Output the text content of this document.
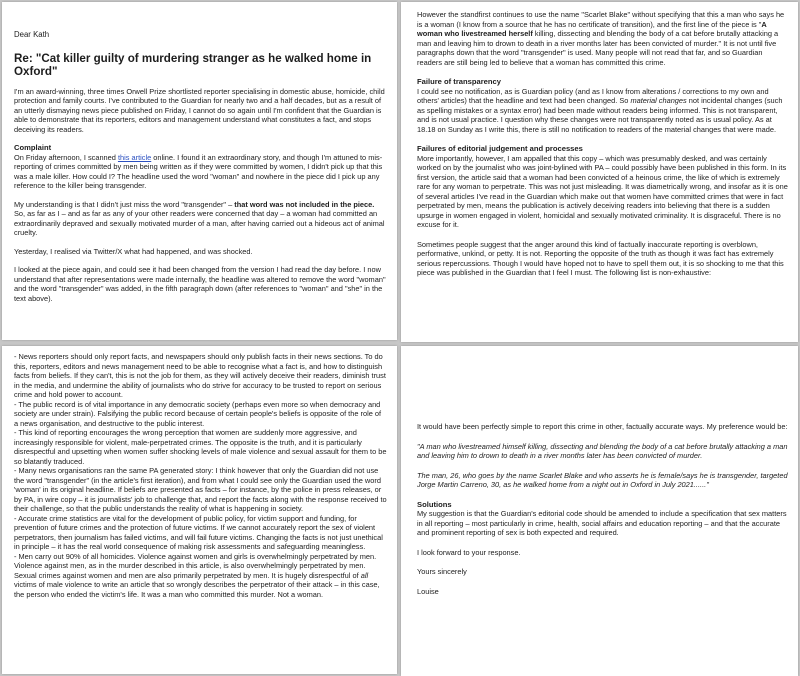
Dear Kath

Re: "Cat killer guilty of murdering stranger as he walked home in Oxford"

I'm an award-winning, three times Orwell Prize shortlisted reporter specialising in domestic abuse, homicide, child protection and family courts. I've contributed to the Guardian for nearly two and a half decades, but as a result of an utterly dismaying news piece published on Friday, I cannot do so again until I'm confident that the Guardian is able to demonstrate that its reporters, editors and management understand what constitutes a fact, and stops deceiving its readers.

Complaint

On Friday afternoon, I scanned this article online. I found it an extraordinary story, and though I'm attuned to mis-reporting of crimes committed by men being written as if they were committed by women, I didn't pick up that this was a male killer. How could I? The headline used the word "woman" and nowhere in the piece did I pick up any reference to the killer being transgender.

My understanding is that I didn't just miss the word "transgender" – that word was not included in the piece. So, as far as I – and as far as any of your other readers were concerned that day – a woman had committed an extraordinarily depraved and sexually motivated murder of a man, after having carried out a hideous act of animal cruelty.

Yesterday, I realised via Twitter/X what had happened, and was shocked.

I looked at the piece again, and could see it had been changed from the version I had read the day before. I now understand that after representations were made internally, the headline was altered to remove the word "woman" and the word "transgender" was added, in the fifth paragraph down (after references to "woman" and "she" in the text above).

However the standfirst continues to use the name "Scarlet Blake" without specifying that this a man who says he is a woman (I know from a source that he has no certificate of transition), and the first line of the piece is "A woman who livestreamed herself killing, dissecting and blending the body of a cat before brutally attacking a man and leaving him to drown to death in a river months later has been convicted of murder." It is not until five paragraphs down that the word "transgender" is used. Many people will not read that far, and so Guardian readers are still being led to believe that a woman has committed this crime.

Failure of transparency

I could see no notification, as is Guardian policy (and as I know from alterations / corrections to my own and others' articles) that the headline and text had been changed. So material changes not incidental changes (such as spelling mistakes or a syntax error) had been made without readers being informed. This is not transparent, and is not usual practice. I question why these changes were not transparently noted as is usual policy. As at 18.18 on Sunday as I write this, there is still no notification to readers of the material changes that were made.

Failures of editorial judgement and processes

More importantly, however, I am appalled that this copy – which was presumably desked, and was certainly worked on by the journalist who was joint-bylined with PA – could possibly have been published in this form. In its first version, the article said that a woman had been convicted of a heinous crime, the like of which is extremely rare for any woman to perpetrate. This was not just misleading. It was diametrically wrong, and insofar as it is one of several articles I've read in the Guardian which make out that women have committed crimes that were in fact perpetrated by men, means the publication is actively deceiving readers into believing that there is a sudden upsurge in women engaged in violent, homicidal and sexually motivated criminality. It is disgraceful. There is no excuse for it.

Sometimes people suggest that the anger around this kind of factually inaccurate reporting is overblown, performative, unkind, or petty. It is not. Reporting the opposite of the truth as though it was fact has extremely serious repercussions. Though I would have hoped not to have to spell them out, it is so shocking to me that this piece was published in the Guardian that I feel I must. The following list is non-exhaustive:

- News reporters should only report facts, and newspapers should only publish facts in their news sections. To do this, reporters, editors and news management need to be able to recognise what a fact is, and how to distinguish facts from beliefs. If they can't, this is not the job for them, as they will actively deceive their readers, diminish trust in the media, and undermine the ability of journalists who do strive for accuracy to be trusted to report on serious crime and hold power to account.

- The public record is of vital importance in any democratic society (perhaps even more so when democracy and society are under strain). Falsifying the public record because of certain people's beliefs is opposite of the role of a news organisation, and destructive to the public interest.

- This kind of reporting encourages the wrong perception that women are suddenly more aggressive, and increasingly responsible for violent, male-perpetrated crimes. The opposite is the truth, and it is particularly disrespectful and upsetting when women suffer shocking levels of male violence and sexual assault for them to be so blatantly traduced.

- Many news organisations ran the same PA generated story: I think however that only the Guardian did not use the word "transgender" (in the article's first iteration), and from what I could see only the Guardian used the word 'woman' in its original headline. If beliefs are presented as facts – for instance, by the police in press releases, or by PA, in wire copy – it is journalists' job to challenge that, and report the facts along with the response received to their challenge, so that the public understands the reality of what is happening in society.

- Accurate crime statistics are vital for the development of public policy, for victim support and funding, for prevention of future crimes and the protection of future victims. If we cannot accurately report the sex of violent perpetrators, then journalism has failed victims, and will fail future victims. Changing the facts is not just unethical in principle – it has the real world consequence of making risk assessments and safeguarding meaningless.

- Men carry out 90% of all homicides. Violence against women and girls is overwhelmingly perpetrated by men. Violence against men, as in the murder described in this article, is also overwhelmingly perpetrated by men. Sexual crimes against women and men are also primarily perpetrated by men. It is hugely disrespectful of all victims of male violence to write an article that so wrongly describes the perpetrator of their attack – in this case, the person who ended the victim's life. It was a man who committed this murder. Not a woman.

It would have been perfectly simple to report this crime in other, factually accurate ways. My preference would be:

"A man who livestreamed himself killing, dissecting and blending the body of a cat before brutally attacking a man and leaving him to drown to death in a river months later has been convicted of murder.

The man, 26, who goes by the name Scarlet Blake and who asserts he is female/says he is transgender, targeted Jorge Martin Carreno, 30, as he walked home from a night out in Oxford in July 2021......"

Solutions

My suggestion is that the Guardian's editorial code should be amended to include a specification that sex matters in all reporting – most particularly in crime, health, social affairs and education reporting – and that the accurate and prominent reporting of sex is both expected and required.

I look forward to your response.

Yours sincerely

Louise
